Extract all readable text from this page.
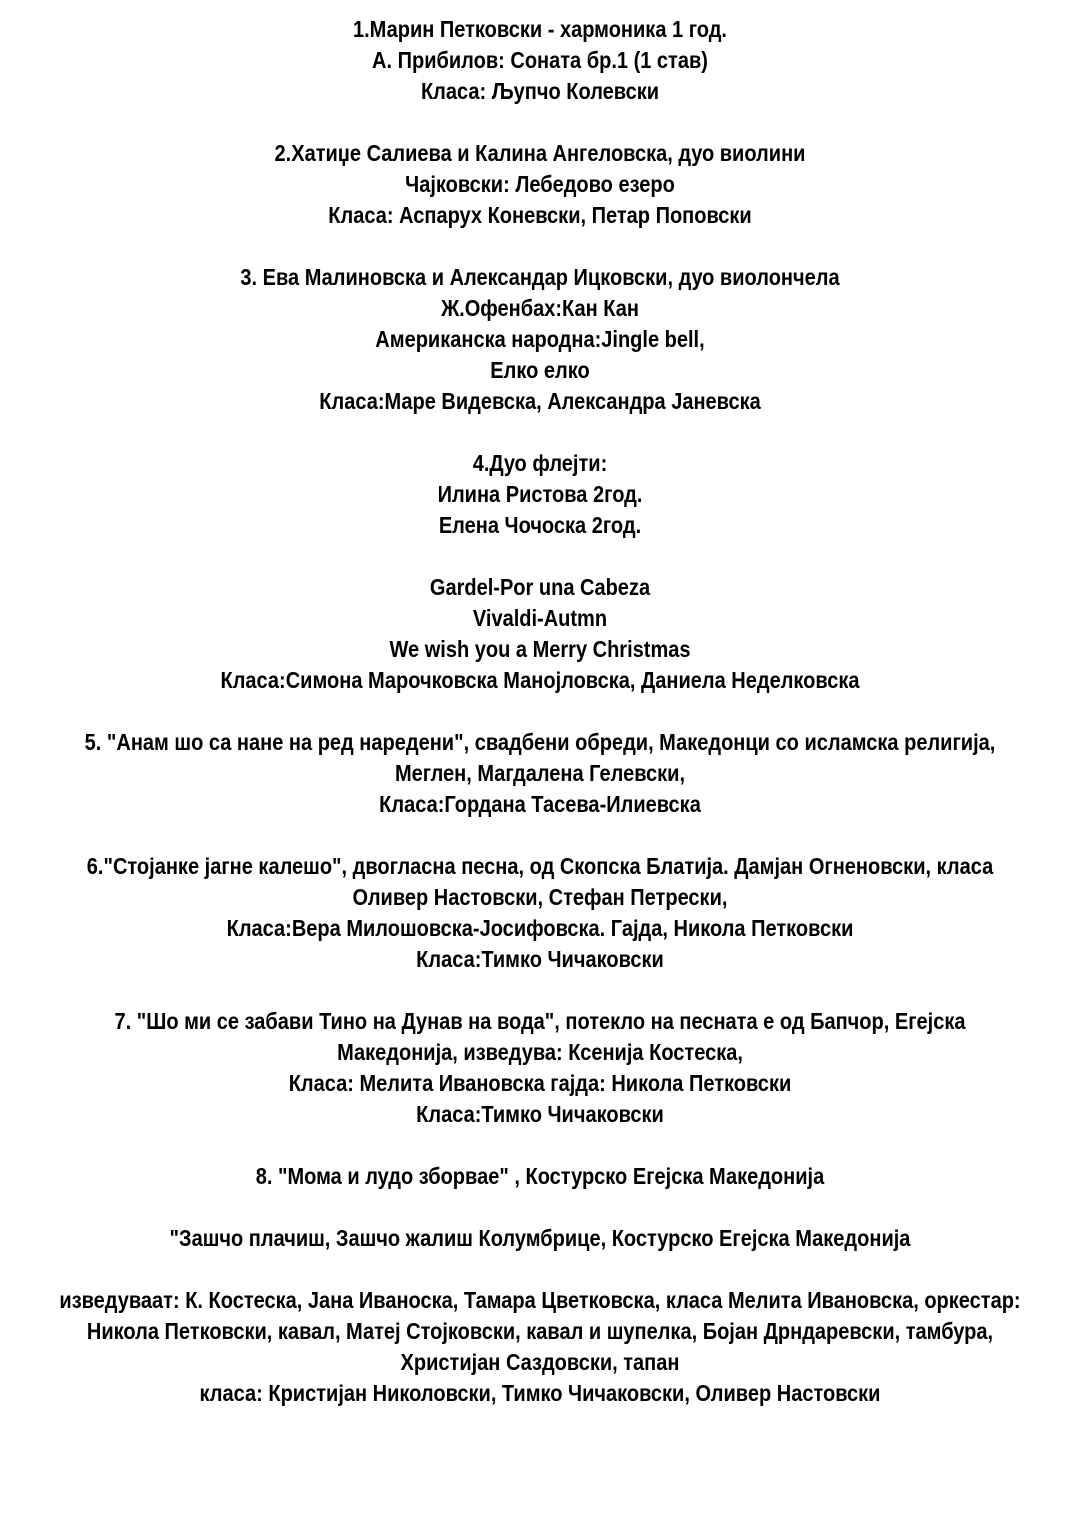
1.Марин Петковски - хармоника 1 год.
А. Прибилов: Соната бр.1 (1 став)
Класа: Љупчо Колевски
2.Хатиџе Салиева и Калина Ангеловска, дуо виолини
Чајковски: Лебедово езеро
Класа: Аспарух Коневски, Петар Поповски
3. Ева Малиновска и Александар Ицковски, дуо виолончела
Ж.Офенбах:Кан Кан
Американска народна:Jingle bell,
Елко елко
Класа:Маре Видевска, Александра Јаневска
4.Дуо флејти:
Илина Ристова 2год.
Елена Чочоска 2год.
Gardel-Por una Cabeza
Vivaldi-Autmn
We wish you a Merry Christmas
Класа:Симона Марочковска Манојловска, Даниела Неделковска
5. "Анам шо са нане на ред наредени", свадбени обреди, Македонци со исламска религија,
Меглен, Магдалена Гелевски,
Класа:Гордана Тасева-Илиевска
6."Стојанке јагне калешо", двогласна песна, од Скопска Блатија. Дамјан Огненовски, класа
Оливер Настовски, Стефан Петрески,
Класа:Вера Милошовска-Јосифовска. Гајда, Никола Петковски
Класа:Тимко Чичаковски
7. "Шо ми се забави Тино на Дунав на вода", потекло на песната е од Бапчор, Егејска
Македонија, изведува: Ксенија Костеска,
Класа: Мелита Ивановска гајда: Никола Петковски
Класа:Тимко Чичаковски
8. "Мома и лудо зборвае" , Костурско Егејска Македонија
"Зашчо плачиш, Зашчо жалиш Колумбрице, Костурско Егејска Македонија
изведуваат: К. Костеска, Јана Иваноска, Тамара Цветковска, класа Мелита Ивановска, оркестар:
Никола Петковски, кавал, Матеј Стојковски, кавал и шупелка, Бојан Дрндаревски, тамбура,
Христијан Саздовски, тапан
класа: Кристијан Николовски, Тимко Чичаковски, Оливер Настовски
